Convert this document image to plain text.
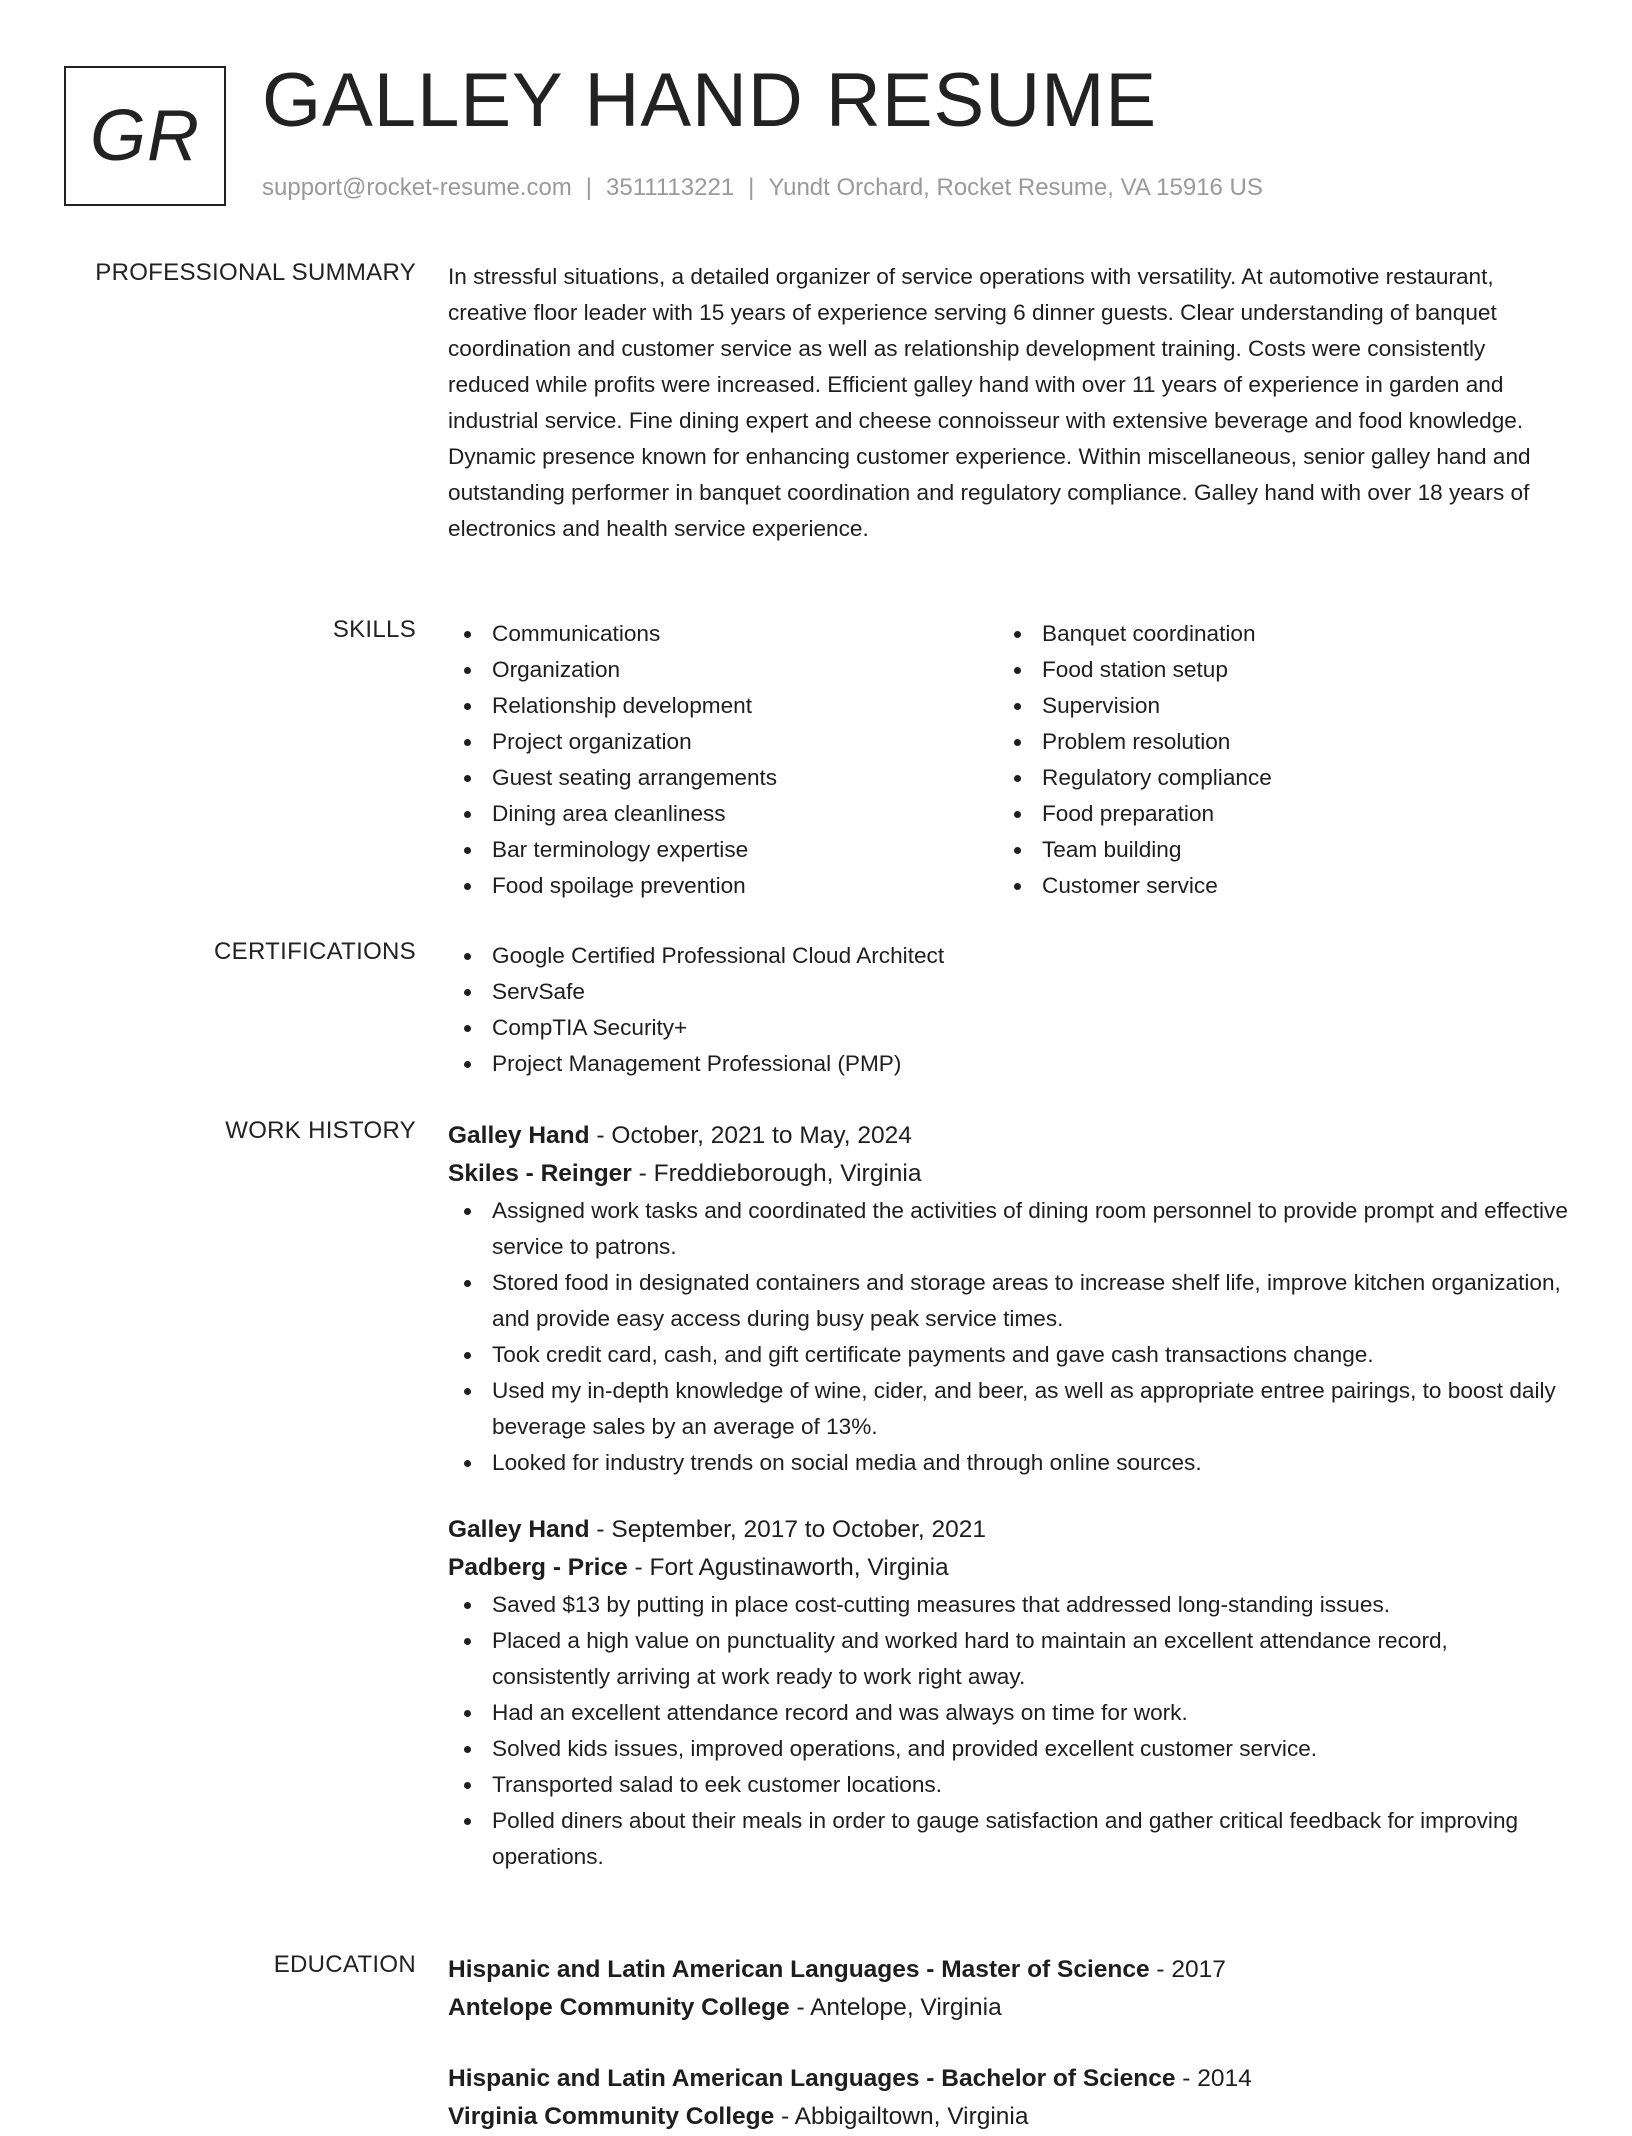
GR GALLEY HAND RESUME
support@rocket-resume.com | 3511113221 | Yundt Orchard, Rocket Resume, VA 15916 US
PROFESSIONAL SUMMARY In stressful situations, a detailed organizer of service operations with versatility. At automotive restaurant, creative floor leader with 15 years of experience serving 6 dinner guests. Clear understanding of banquet coordination and customer service as well as relationship development training. Costs were consistently reduced while profits were increased. Efficient galley hand with over 11 years of experience in garden and industrial service. Fine dining expert and cheese connoisseur with extensive beverage and food knowledge. Dynamic presence known for enhancing customer experience. Within miscellaneous, senior galley hand and outstanding performer in banquet coordination and regulatory compliance. Galley hand with over 18 years of electronics and health service experience.

SKILLS	Communications
Organization
Relationship development
Project organization
Guest seating arrangements
Dining area cleanliness
Bar terminology expertise
Food spoilage prevention
Banquet coordination
Food station setup
Supervision
Problem resolution
Regulatory compliance
Food preparation
Team building
Customer service
CERTIFICATIONS	Google Certified Professional Cloud Architect
ServSafe
CompTIA Security+
Project Management Professional (PMP)
WORK HISTORY Galley Hand - October, 2021 to May, 2024
Skiles - Reinger - Freddieborough, Virginia
Assigned work tasks and coordinated the activities of dining room personnel to provide prompt and effective service to patrons.
Stored food in designated containers and storage areas to increase shelf life, improve kitchen organization, and provide easy access during busy peak service times.
Took credit card, cash, and gift certificate payments and gave cash transactions change.
Used my in-depth knowledge of wine, cider, and beer, as well as appropriate entree pairings, to boost daily beverage sales by an average of 13%.
Looked for industry trends on social media and through online sources.
Galley Hand - September, 2017 to October, 2021
Padberg - Price - Fort Agustinaworth, Virginia
Saved $13 by putting in place cost-cutting measures that addressed long-standing issues.
Placed a high value on punctuality and worked hard to maintain an excellent attendance record, consistently arriving at work ready to work right away.
Had an excellent attendance record and was always on time for work.
Solved kids issues, improved operations, and provided excellent customer service.
Transported salad to eek customer locations.
Polled diners about their meals in order to gauge satisfaction and gather critical feedback for improving operations.
EDUCATION Hispanic and Latin American Languages - Master of Science - 2017
Antelope Community College - Antelope, Virginia
Hispanic and Latin American Languages - Bachelor of Science - 2014
Virginia Community College - Abbigailtown, Virginia
